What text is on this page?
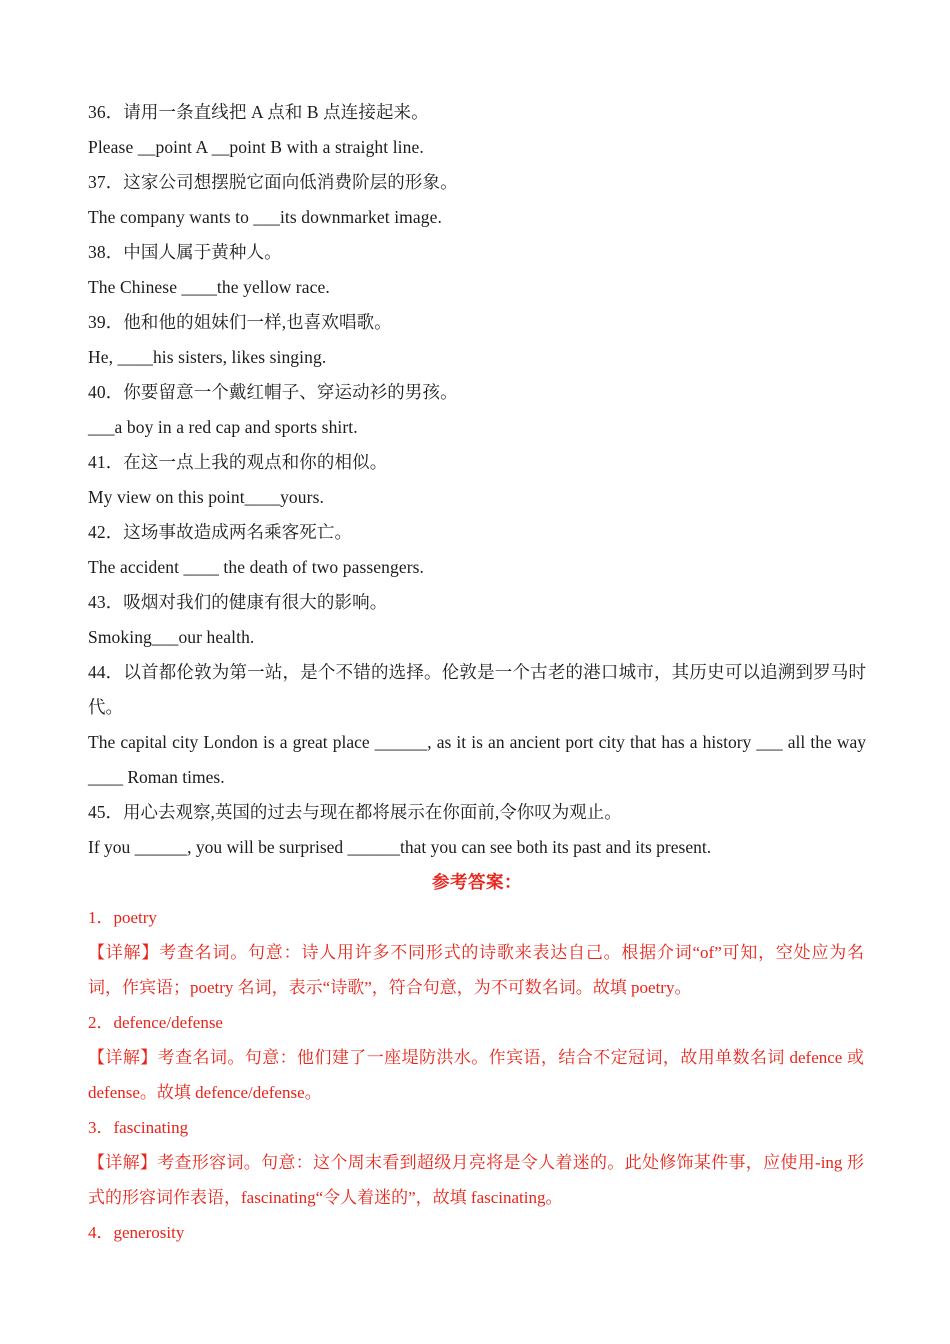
36．请用一条直线把 A 点和 B 点连接起来。
Please __point A __point B with a straight line.
37．这家公司想摆脱它面向低消费阶层的形象。
The company wants to ___its downmarket image.
38．中国人属于黄种人。
The Chinese ____the yellow race.
39．他和他的姐妹们一样,也喜欢唱歌。
He, ____his sisters, likes singing.
40．你要留意一个戴红帽子、穿运动衫的男孩。
___a boy in a red cap and sports shirt.
41．在这一点上我的观点和你的相似。
My view on this point____yours.
42．这场事故造成两名乘客死亡。
The accident ____ the death of two passengers.
43．吸烟对我们的健康有很大的影响。
Smoking___our health.
44．以首都伦敦为第一站，是个不错的选择。伦敦是一个古老的港口城市，其历史可以追溯到罗马时代。
The capital city London is a great place ______, as it is an ancient port city that has a history ___ all the way  ____ Roman times.
45．用心去观察,英国的过去与现在都将展示在你面前,令你叹为观止。
If you ______, you will be surprised ______that you can see both its past and its present.
参考答案：
1．poetry
【详解】考查名词。句意：诗人用许多不同形式的诗歌来表达自己。根据介词“of”可知，空处应为名词，作宾语；poetry 名词，表示“诗歌”，符合句意，为不可数名词。故填 poetry。
2．defence/defense
【详解】考查名词。句意：他们建了一座堤防洪水。作宾语，结合不定冠词，故用单数名词 defence 或 defense。故填 defence/defense。
3．fascinating
【详解】考查形容词。句意：这个周末看到超级月亮将是令人着迷的。此处修饰某件事，应使用-ing 形式的形容词作表语，fascinating“令人着迷的”，故填 fascinating。
4．generosity
